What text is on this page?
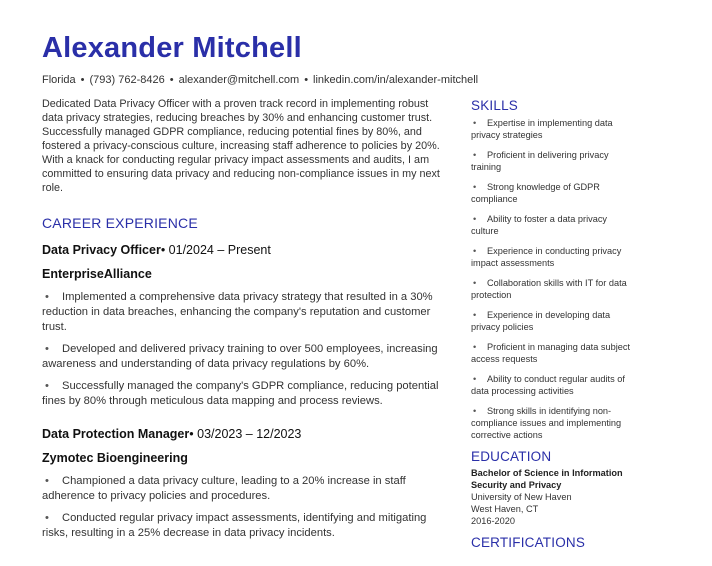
Alexander Mitchell
Florida • (793) 762-8426 • alexander@mitchell.com • linkedin.com/in/alexander-mitchell

Dedicated Data Privacy Officer with a proven track record in implementing robust data privacy strategies, reducing breaches by 30% and enhancing customer trust. Successfully managed GDPR compliance, reducing potential fines by 80%, and fostered a privacy-conscious culture, increasing staff adherence to policies by 20%. With a knack for conducting regular privacy impact assessments and audits, I am committed to ensuring data privacy and reducing non-compliance issues in my next role.

CAREER EXPERIENCE
Data Privacy Officer• 01/2024 – Present
EnterpriseAlliance
• Implemented a comprehensive data privacy strategy that resulted in a 30% reduction in data breaches, enhancing the company's reputation and customer trust.
• Developed and delivered privacy training to over 500 employees, increasing awareness and understanding of data privacy regulations by 60%.
• Successfully managed the company's GDPR compliance, reducing potential fines by 80% through meticulous data mapping and process reviews.
Data Protection Manager• 03/2023 – 12/2023
Zymotec Bioengineering
• Championed a data privacy culture, leading to a 20% increase in staff adherence to privacy policies and procedures.
• Conducted regular privacy impact assessments, identifying and mitigating risks, resulting in a 25% decrease in data privacy incidents.
SKILLS
• Expertise in implementing data privacy strategies
• Proficient in delivering privacy training
• Strong knowledge of GDPR compliance
• Ability to foster a data privacy culture
• Experience in conducting privacy impact assessments
• Collaboration skills with IT for data protection
• Experience in developing data privacy policies
• Proficient in managing data subject access requests
• Ability to conduct regular audits of data processing activities
• Strong skills in identifying non-compliance issues and implementing corrective actions
EDUCATION
Bachelor of Science in Information Security and Privacy
University of New Haven
West Haven, CT
2016-2020
CERTIFICATIONS
